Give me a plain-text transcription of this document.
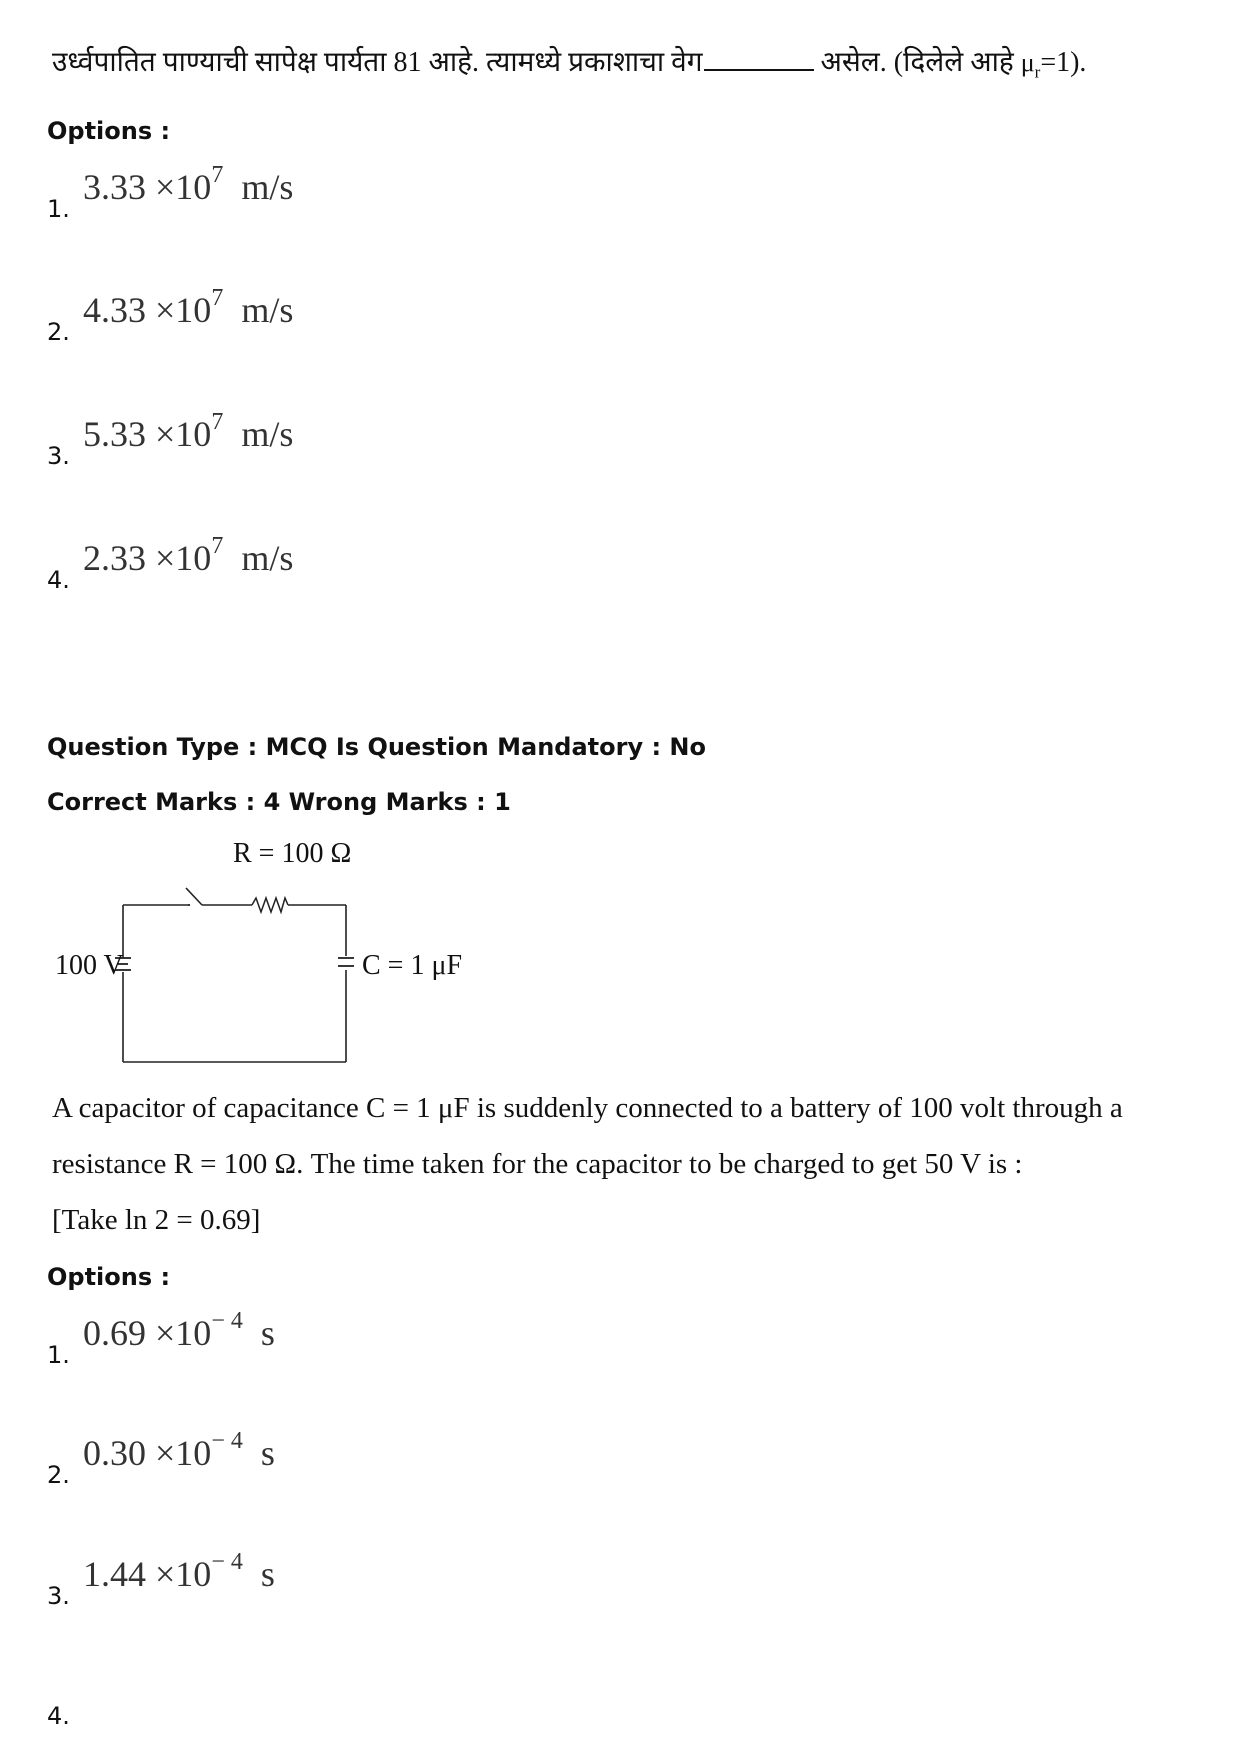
उर्ध्वपातित पाण्याची सापेक्ष पार्यता 81 आहे. त्यामध्ये प्रकाशाचा वेग	असेल. (दिलेले आहे $\mu_r=1$).
Options :
1.
$3.33 \times 10^7$ m/s
2.
$4.33 \times 10^7$ m/s
3.
$5.33 \times 10^7$ m/s
4.
$2.33 \times 10^7$ m/s
Question Type : MCQ Is Question Mandatory : No
Correct Marks : 4 Wrong Marks : 1
R = 100 Ω
100 V	C = 1 μF

A capacitor of capacitance C = 1 μF is suddenly connected to a battery of 100 volt through a

resistance R = 100 Ω. The time taken for the capacitor to be charged to get 50 V is :

[Take ln 2 = 0.69]

Options :
1.
$0.69 \times 10^{- 4}$ s
2.
$0.30 \times 10^{- 4}$ s
3.
$1.44 \times 10^{- 4}$ s
4.
